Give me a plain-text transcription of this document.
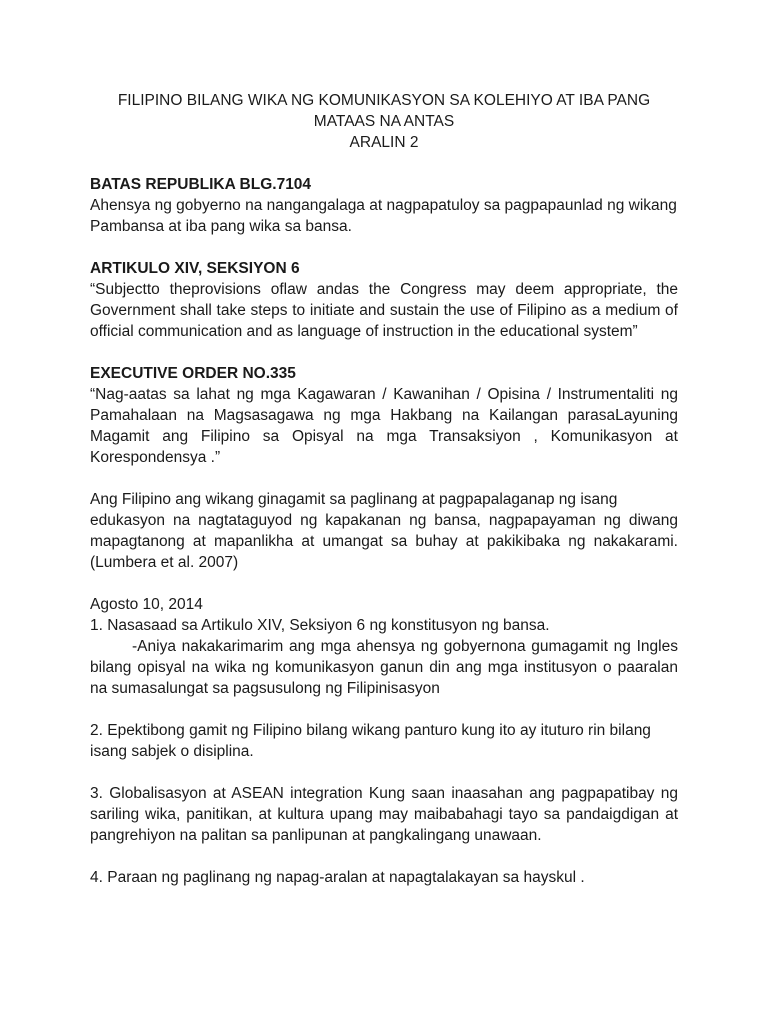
FILIPINO BILANG WIKA NG KOMUNIKASYON SA KOLEHIYO AT IBA PANG MATAAS NA ANTAS

ARALIN 2

BATAS REPUBLIKA BLG.7104

Ahensya ng gobyerno na nangangalaga at nagpapatuloy sa pagpapaunlad ng wikang Pambansa at iba pang wika sa bansa.

ARTIKULO XIV, SEKSIYON 6

“Subjectto theprovisions oflaw andas the Congress may deem appropriate, the Government shall take steps to initiate and sustain the use of Filipino as a medium of official communication and as language of instruction in the educational system”

EXECUTIVE ORDER NO.335

“Nag-aatas sa lahat ng mga Kagawaran / Kawanihan / Opisina / Instrumentaliti ng Pamahalaan na Magsasagawa ng mga Hakbang na Kailangan parasaLayuning Magamit ang Filipino sa Opisyal na mga Transaksiyon , Komunikasyon at Korespondensya .”

Ang Filipino ang wikang ginagamit sa paglinang at pagpapalaganap ng isang

edukasyon na nagtataguyod ng kapakanan ng bansa, nagpapayaman ng diwang mapagtanong at mapanlikha at umangat sa buhay at pakikibaka ng nakakarami. (Lumbera et al. 2007)

Agosto 10, 2014

1. Nasasaad sa Artikulo XIV, Seksiyon 6 ng konstitusyon ng bansa.

-Aniya nakakarimarim ang mga ahensya ng gobyernona gumagamit ng Ingles bilang opisyal na wika ng komunikasyon ganun din ang mga institusyon o paaralan na sumasalungat sa pagsusulong ng Filipinisasyon

2. Epektibong gamit ng Filipino bilang wikang panturo kung ito ay ituturo rin bilang isang sabjek o disiplina.

3. Globalisasyon at ASEAN integration Kung saan inaasahan ang pagpapatibay ng sariling wika, panitikan, at kultura upang may maibabahagi tayo sa pandaigdigan at pangrehiyon na palitan sa panlipunan at pangkalingang unawaan.

4. Paraan ng paglinang ng napag-aralan at napagtalakayan sa hayskul .
